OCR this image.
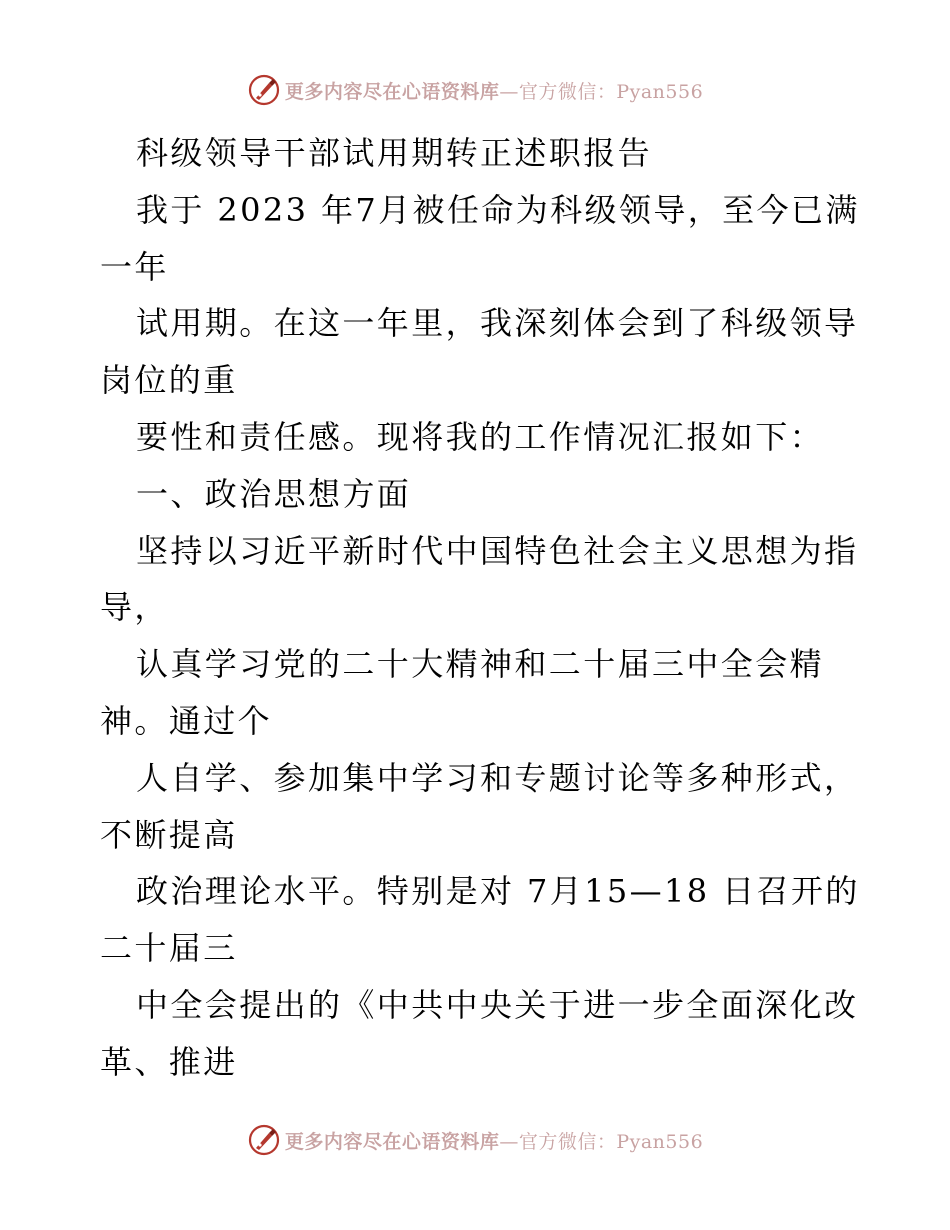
更多内容尽在心语资料库—官方微信：Pyan556
科级领导干部试用期转正述职报告
我于 2023 年7月被任命为科级领导，至今已满
一年
试用期。在这一年里，我深刻体会到了科级领导
岗位的重
要性和责任感。现将我的工作情况汇报如下：
一、政治思想方面
坚持以习近平新时代中国特色社会主义思想为指
导，
认真学习党的二十大精神和二十届三中全会精
神。通过个
人自学、参加集中学习和专题讨论等多种形式，
不断提高
政治理论水平。特别是对 7月15—18 日召开的
二十届三
中全会提出的《中共中央关于进一步全面深化改
革、推进
更多内容尽在心语资料库—官方微信：Pyan556
